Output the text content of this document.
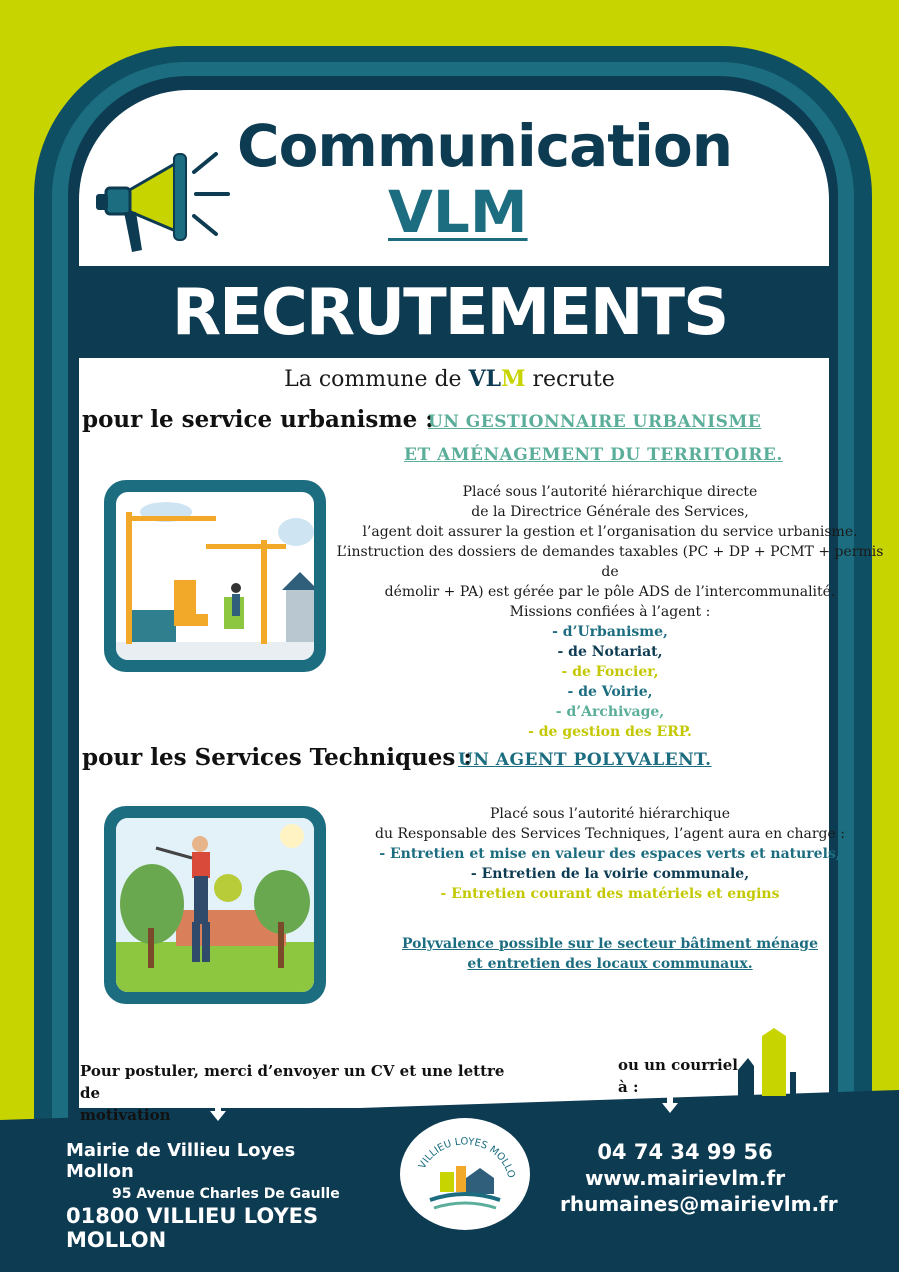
Communication
VLM
RECRUTEMENTS
La commune de VLM recrute
pour le service urbanisme :
UN GESTIONNAIRE URBANISME
ET AMÉNAGEMENT DU TERRITOIRE.
Placé sous l’autorité hiérarchique directe
de la Directrice Générale des Services,
l’agent doit assurer la gestion et l’organisation du service urbanisme.
L’instruction des dossiers de demandes taxables (PC + DP + PCMT + permis de
démolir + PA) est gérée par le pôle ADS de l’intercommunalité.
Missions confiées à l’agent :
- d’Urbanisme,
- de Notariat,
- de Foncier,
- de Voirie,
- d’Archivage,
- de gestion des ERP.
pour les Services Techniques :
UN AGENT POLYVALENT.
Placé sous l’autorité hiérarchique
du Responsable des Services Techniques, l’agent aura en charge :
- Entretien et mise en valeur des espaces verts et naturels,
- Entretien de la voirie communale,
- Entretien courant des matériels et engins
Polyvalence possible sur le secteur bâtiment ménage
et entretien des locaux communaux.
Pour postuler, merci d’envoyer un CV et une lettre de
motivation
ou un courriel
à :
Mairie de Villieu Loyes Mollon
95 Avenue Charles De Gaulle
01800 VILLIEU LOYES MOLLON
VILLIEU LOYES MOLLO
04 74 34 99 56
www.mairievlm.fr
rhumaines@mairievlm.fr
